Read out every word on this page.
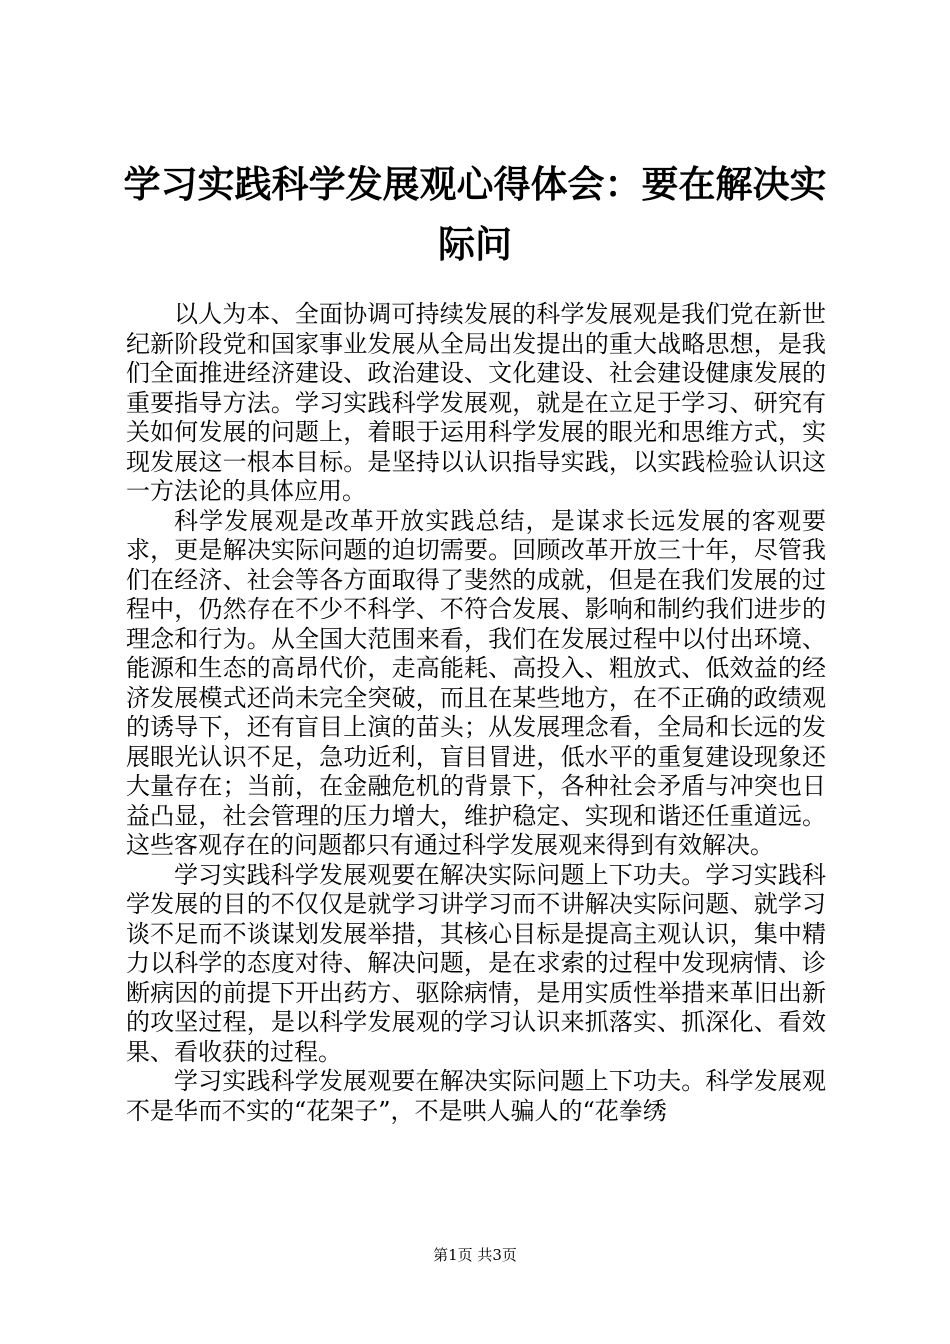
学习实践科学发展观心得体会：要在解决实际问

以人为本、全面协调可持续发展的科学发展观是我们党在新世纪新阶段党和国家事业发展从全局出发提出的重大战略思想，是我们全面推进经济建设、政治建设、文化建设、社会建设健康发展的重要指导方法。学习实践科学发展观，就是在立足于学习、研究有关如何发展的问题上，着眼于运用科学发展的眼光和思维方式，实现发展这一根本目标。是坚持以认识指导实践，以实践检验认识这一方法论的具体应用。

科学发展观是改革开放实践总结，是谋求长远发展的客观要求，更是解决实际问题的迫切需要。回顾改革开放三十年，尽管我们在经济、社会等各方面取得了斐然的成就，但是在我们发展的过程中，仍然存在不少不科学、不符合发展、影响和制约我们进步的理念和行为。从全国大范围来看，我们在发展过程中以付出环境、能源和生态的高昂代价，走高能耗、高投入、粗放式、低效益的经济发展模式还尚未完全突破，而且在某些地方，在不正确的政绩观的诱导下，还有盲目上演的苗头；从发展理念看，全局和长远的发展眼光认识不足，急功近利，盲目冒进，低水平的重复建设现象还大量存在；当前，在金融危机的背景下，各种社会矛盾与冲突也日益凸显，社会管理的压力增大，维护稳定、实现和谐还任重道远。这些客观存在的问题都只有通过科学发展观来得到有效解决。

学习实践科学发展观要在解决实际问题上下功夫。学习实践科学发展的目的不仅仅是就学习讲学习而不讲解决实际问题、就学习谈不足而不谈谋划发展举措，其核心目标是提高主观认识，集中精力以科学的态度对待、解决问题，是在求索的过程中发现病情、诊断病因的前提下开出药方、驱除病情，是用实质性举措来革旧出新的攻坚过程，是以科学发展观的学习认识来抓落实、抓深化、看效果、看收获的过程。

学习实践科学发展观要在解决实际问题上下功夫。科学发展观不是华而不实的“花架子”，不是哄人骗人的“花拳绣

第1页 共3页
